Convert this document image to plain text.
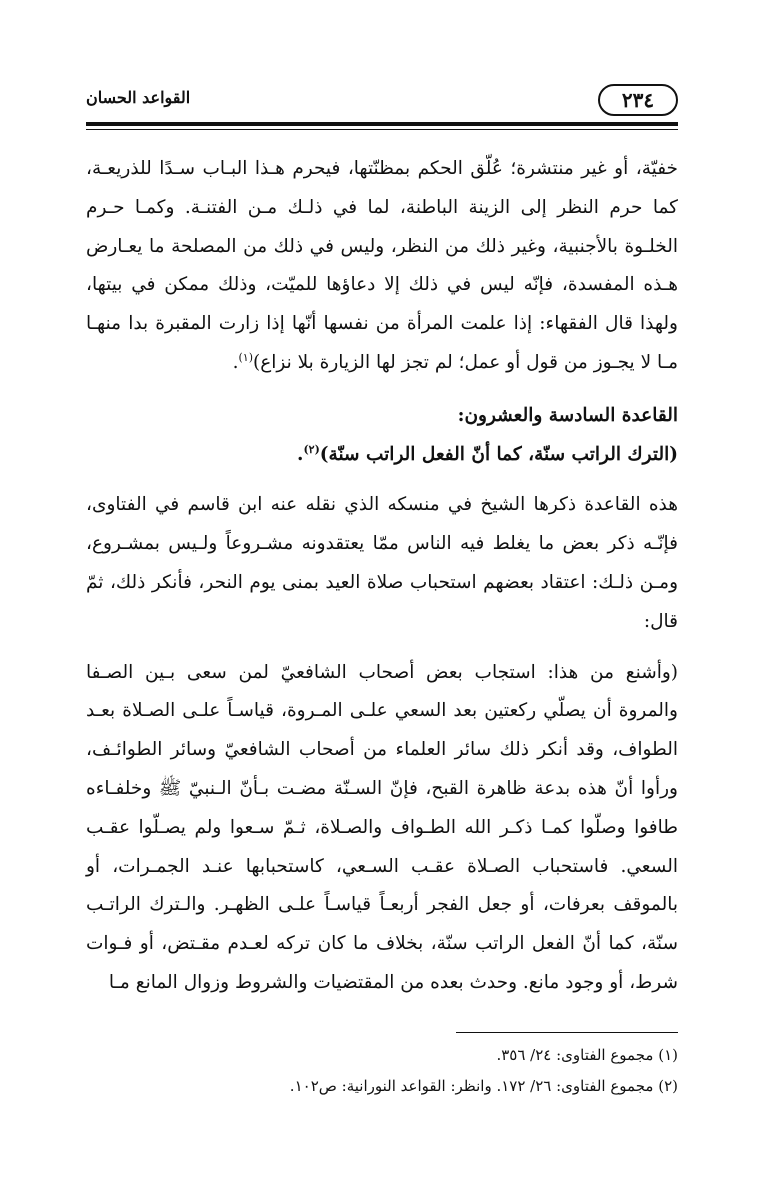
٢٣٤
القواعد الحسان

خفيّة، أو غير منتشرة؛ عُلّق الحكم بمظنّتها، فيحرم هـذا البـاب سـدًا للذريعـة، كما حرم النظر إلى الزينة الباطنة، لما في ذلـك مـن الفتنـة. وكمـا حـرم الخلـوة بالأجنبية، وغير ذلك من النظر، وليس في ذلك من المصلحة ما يعـارض هـذه المفسدة، فإنّه ليس في ذلك إلا دعاؤها للميّت، وذلك ممكن في بيتها، ولهذا قال الفقهاء: إذا علمت المرأة من نفسها أنّها إذا زارت المقبرة بدا منهـا مـا لا يجـوز من قول أو عمل؛ لم تجز لها الزيارة بلا نزاع)$^{(١)}$.

القاعدة السادسة والعشرون:

(الترك الراتب سنّة، كما أنّ الفعل الراتب سنّة)$^{(٢)}$.

هذه القاعدة ذكرها الشيخ في منسكه الذي نقله عنه ابن قاسم في الفتاوى، فإنّـه ذكر بعض ما يغلط فيه الناس ممّا يعتقدونه مشـروعاً ولـيس بمشـروع، ومـن ذلـك: اعتقاد بعضهم استحباب صلاة العيد بمنى يوم النحر، فأنكر ذلك، ثمّ قال:

(وأشنع من هذا: استجاب بعض أصحاب الشافعيّ لمن سعى بـين الصـفا والمروة أن يصلّي ركعتين بعد السعي علـى المـروة، قياسـاً علـى الصـلاة بعـد الطواف، وقد أنكر ذلك سائر العلماء من أصحاب الشافعيّ وسائر الطوائـف، ورأوا أنّ هذه بدعة ظاهرة القبح، فإنّ السـنّة مضـت بـأنّ الـنبيّ ﷺ وخلفـاءه طافوا وصلّوا كمـا ذكـر الله الطـواف والصـلاة، ثـمّ سـعوا ولم يصـلّوا عقـب السعي. فاستحباب الصـلاة عقـب السـعي، كاستحبابها عنـد الجمـرات، أو بالموقف بعرفات، أو جعل الفجر أربعـاً قياسـاً علـى الظهـر. والـترك الراتـب سنّة، كما أنّ الفعل الراتب سنّة، بخلاف ما كان تركه لعـدم مقـتض، أو فـوات شرط، أو وجود مانع. وحدث بعده من المقتضيات والشروط وزوال المانع مـا

(١) مجموع الفتاوى: ٢٤/ ٣٥٦.

(٢) مجموع الفتاوى: ٢٦/ ١٧٢. وانظر: القواعد النورانية: ص١٠٢.
